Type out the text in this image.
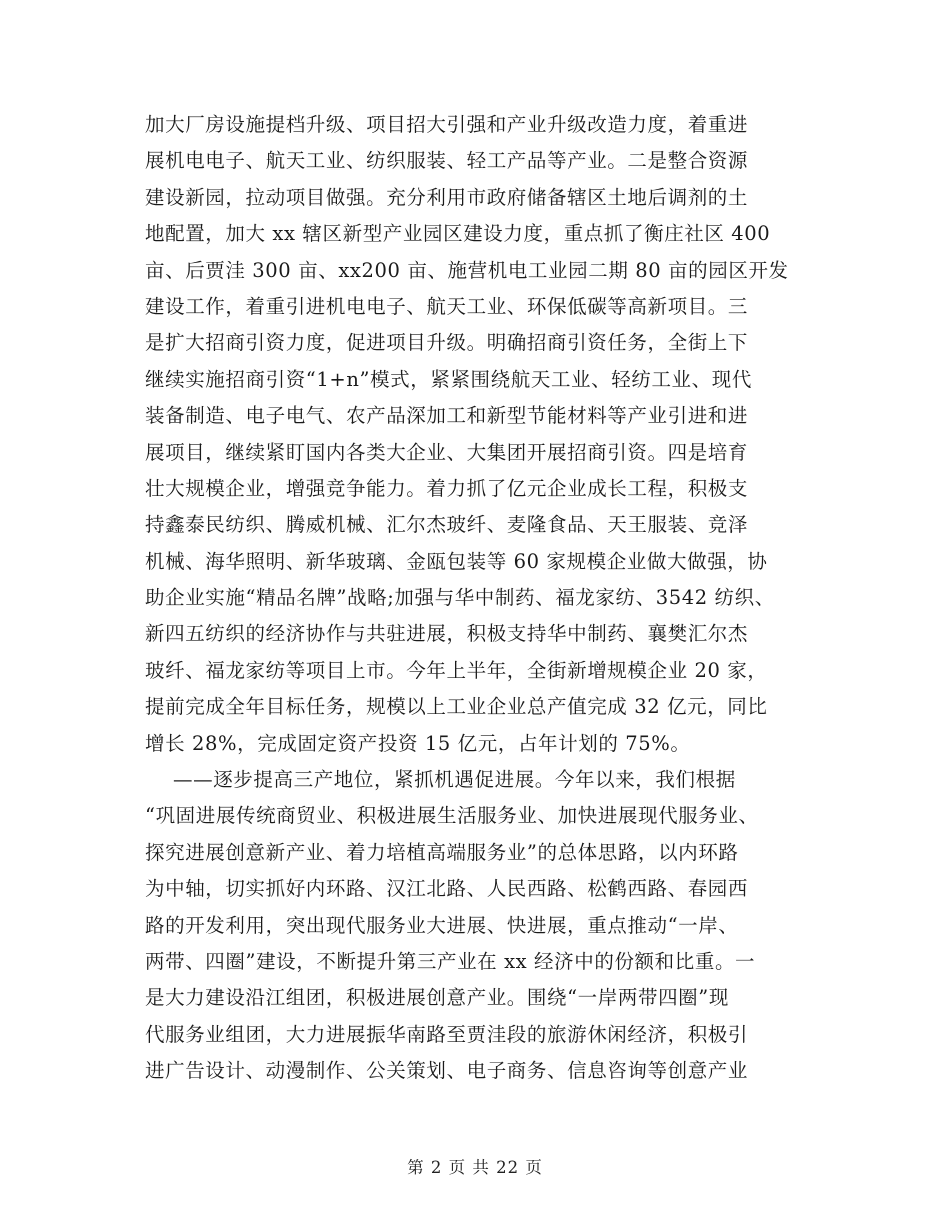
加大厂房设施提档升级、项目招大引强和产业升级改造力度，着重进
展机电电子、航天工业、纺织服装、轻工产品等产业。二是整合资源
建设新园，拉动项目做强。充分利用市政府储备辖区土地后调剂的土
地配置，加大 xx 辖区新型产业园区建设力度，重点抓了衡庄社区 400
亩、后贾洼 300 亩、xx200 亩、施营机电工业园二期 80 亩的园区开发
建设工作，着重引进机电电子、航天工业、环保低碳等高新项目。三
是扩大招商引资力度，促进项目升级。明确招商引资任务，全街上下
继续实施招商引资“1+n”模式，紧紧围绕航天工业、轻纺工业、现代
装备制造、电子电气、农产品深加工和新型节能材料等产业引进和进
展项目，继续紧盯国内各类大企业、大集团开展招商引资。四是培育
壮大规模企业，增强竞争能力。着力抓了亿元企业成长工程，积极支
持鑫泰民纺织、腾威机械、汇尔杰玻纤、麦隆食品、天王服装、竞泽
机械、海华照明、新华玻璃、金瓯包装等 60 家规模企业做大做强，协
助企业实施“精品名牌”战略;加强与华中制药、福龙家纺、3542 纺织、
新四五纺织的经济协作与共驻进展，积极支持华中制药、襄樊汇尔杰
玻纤、福龙家纺等项目上市。今年上半年，全街新增规模企业 20 家，
提前完成全年目标任务，规模以上工业企业总产值完成 32 亿元，同比
增长 28%，完成固定资产投资 15 亿元，占年计划的 75%。
——逐步提高三产地位，紧抓机遇促进展。今年以来，我们根据
“巩固进展传统商贸业、积极进展生活服务业、加快进展现代服务业、
探究进展创意新产业、着力培植高端服务业”的总体思路，以内环路
为中轴，切实抓好内环路、汉江北路、人民西路、松鹤西路、春园西
路的开发利用，突出现代服务业大进展、快进展，重点推动“一岸、
两带、四圈”建设，不断提升第三产业在 xx 经济中的份额和比重。一
是大力建设沿江组团，积极进展创意产业。围绕“一岸两带四圈”现
代服务业组团，大力进展振华南路至贾洼段的旅游休闲经济，积极引
进广告设计、动漫制作、公关策划、电子商务、信息咨询等创意产业
第 2 页 共 22 页
